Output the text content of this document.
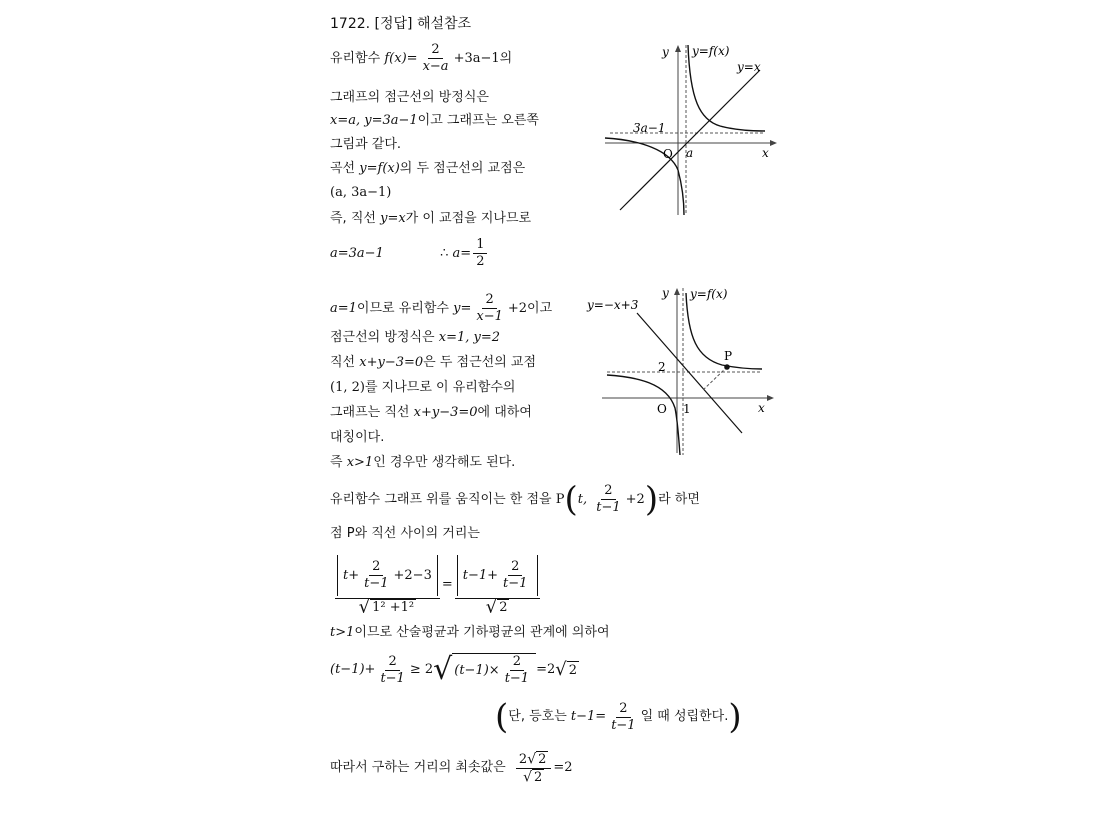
1722. [정답] 해설참조
유리함수 $f(x)= \frac{2}{x-a} +3a-1$의
그래프의 점근선의 방정식은
x=a, y=3a−1이고 그래프는 오른쪽
그림과 같다.
곡선 y=f(x)의 두 점근선의 교점은
(a, 3a−1)
즉, 직선 y=x가 이 교점을 지나므로
a=3a−1	∴ $a= \frac{1}{2}$
y y=f(x)
y=x
3a−1
O a	x
a=1이므로 유리함수 $y= \frac{2}{x-1} +2$이고
점근선의 방정식은 x=1, y=2
직선 x+y−3=0은 두 점근선의 교점
(1, 2)를 지나므로 이 유리함수의
그래프는 직선 x+y−3=0에 대하여
대칭이다.
즉 x>1인 경우만 생각해도 된다.
y=−x+3
y y=f(x)
P
2
O 1	x
유리함수 그래프 위를 움직이는 한 점을 P(t, $\frac{2}{t-1} +2$)라 하면
점 P와 직선 사이의 거리는
$\frac{t+ \frac{2}{t-1} +2-3}{\text{√ 1² +1²}} = \frac{t-1+ \frac{2}{t-1}}{√ 2}$
t>1이므로 산술평균과 기하평균의 관계에 의하여
$(t-1)+ \frac{2}{t-1} \ge 2$ √ $(t-1)\times \frac{2}{t-1} =2$ √ 2
( 단, 등호는
$t-1= \frac{2}{t-1}$ 일 때 성립한다. )
따라서 구하는 거리의 최솟값은
$\frac{2√ 2}{√ 2} =2$
